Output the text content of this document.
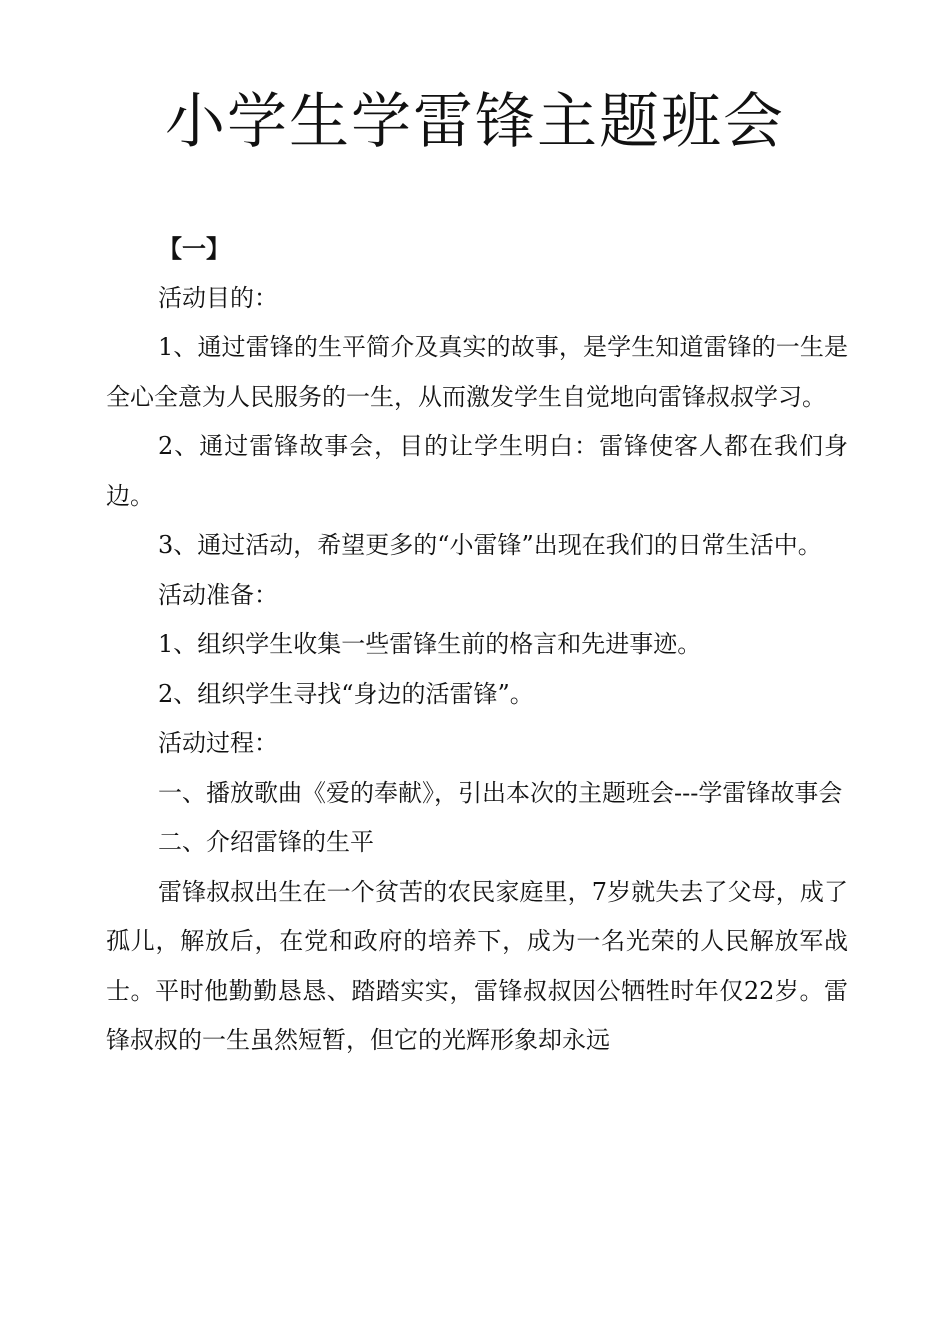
小学生学雷锋主题班会

【一】

活动目的：

1、通过雷锋的生平简介及真实的故事，是学生知道雷锋的一生是全心全意为人民服务的一生，从而激发学生自觉地向雷锋叔叔学习。

2、通过雷锋故事会，目的让学生明白：雷锋使客人都在我们身边。

3、通过活动，希望更多的“小雷锋”出现在我们的日常生活中。

活动准备：

1、组织学生收集一些雷锋生前的格言和先进事迹。

2、组织学生寻找“身边的活雷锋”。

活动过程：

一、播放歌曲《爱的奉献》，引出本次的主题班会---学雷锋故事会

二、介绍雷锋的生平

雷锋叔叔出生在一个贫苦的农民家庭里，7岁就失去了父母，成了孤儿，解放后，在党和政府的培养下，成为一名光荣的人民解放军战士。平时他勤勤恳恳、踏踏实实，雷锋叔叔因公牺牲时年仅22岁。雷锋叔叔的一生虽然短暂，但它的光辉形象却永远
